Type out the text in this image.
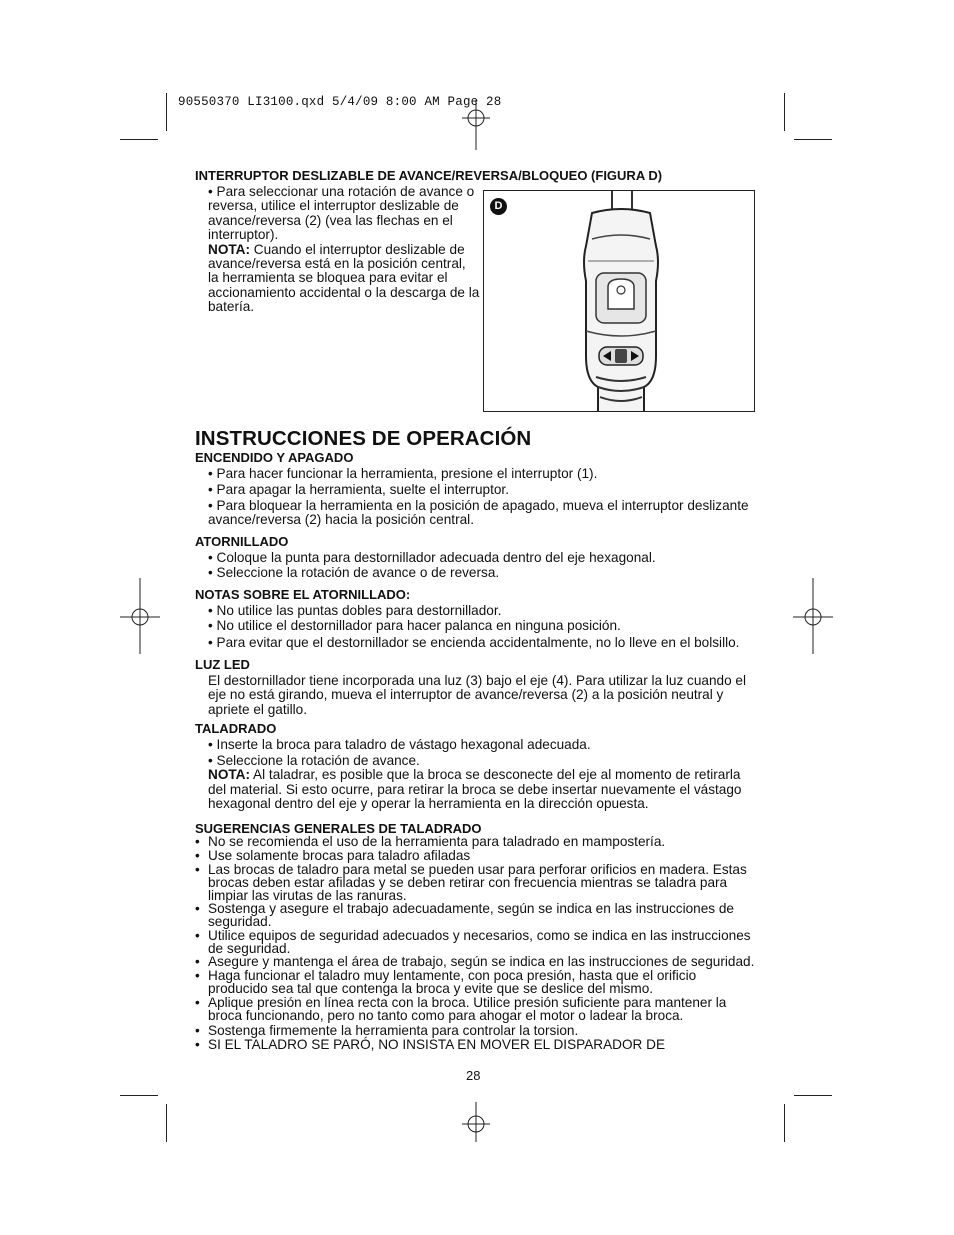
90550370 LI3100.qxd 5/4/09 8:00 AM Page 28
INTERRUPTOR DESLIZABLE DE AVANCE/REVERSA/BLOQUEO (FIGURA D)

• Para seleccionar una rotación de avance o reversa, utilice el interruptor deslizable de avance/reversa (2) (vea las flechas en el interruptor).

NOTA: Cuando el interruptor deslizable de avance/reversa está en la posición central, la herramienta se bloquea para evitar el accionamiento accidental o la descarga de la batería.

D
INSTRUCCIONES DE OPERACIÓN
ENCENDIDO Y APAGADO

• Para hacer funcionar la herramienta, presione el interruptor (1).

• Para apagar la herramienta, suelte el interruptor.

• Para bloquear la herramienta en la posición de apagado, mueva el interruptor deslizante avance/reversa (2) hacia la posición central.

ATORNILLADO

• Coloque la punta para destornillador adecuada dentro del eje hexagonal.

• Seleccione la rotación de avance o de reversa.

NOTAS SOBRE EL ATORNILLADO:

• No utilice las puntas dobles para destornillador.

• No utilice el destornillador para hacer palanca en ninguna posición.

• Para evitar que el destornillador se encienda accidentalmente, no lo lleve en el bolsillo.

LUZ LED

El destornillador tiene incorporada una luz (3) bajo el eje (4). Para utilizar la luz cuando el eje no está girando, mueva el interruptor de avance/reversa (2) a la posición neutral y apriete el gatillo.

TALADRADO

• Inserte la broca para taladro de vástago hexagonal adecuada.

• Seleccione la rotación de avance.

NOTA: Al taladrar, es posible que la broca se desconecte del eje al momento de retirarla del material. Si esto ocurre, para retirar la broca se debe insertar nuevamente el vástago hexagonal dentro del eje y operar la herramienta en la dirección opuesta.

SUGERENCIAS GENERALES DE TALADRADO
• No se recomienda el uso de la herramienta para taladrado en mampostería.
• Use solamente brocas para taladro afiladas
• Las brocas de taladro para metal se pueden usar para perforar orificios en madera. Estas brocas deben estar afiladas y se deben retirar con frecuencia mientras se taladra para limpiar las virutas de las ranuras.
• Sostenga y asegure el trabajo adecuadamente, según se indica en las instrucciones de seguridad.
• Utilice equipos de seguridad adecuados y necesarios, como se indica en las instrucciones de seguridad.
• Asegure y mantenga el área de trabajo, según se indica en las instrucciones de seguridad.
• Haga funcionar el taladro muy lentamente, con poca presión, hasta que el orificio producido sea tal que contenga la broca y evite que se deslice del mismo.
• Aplique presión en línea recta con la broca. Utilice presión suficiente para mantener la broca funcionando, pero no tanto como para ahogar el motor o ladear la broca.
• Sostenga firmemente la herramienta para controlar la torsion.
• SI EL TALADRO SE PARÓ, NO INSISTA EN MOVER EL DISPARADOR DE
28
